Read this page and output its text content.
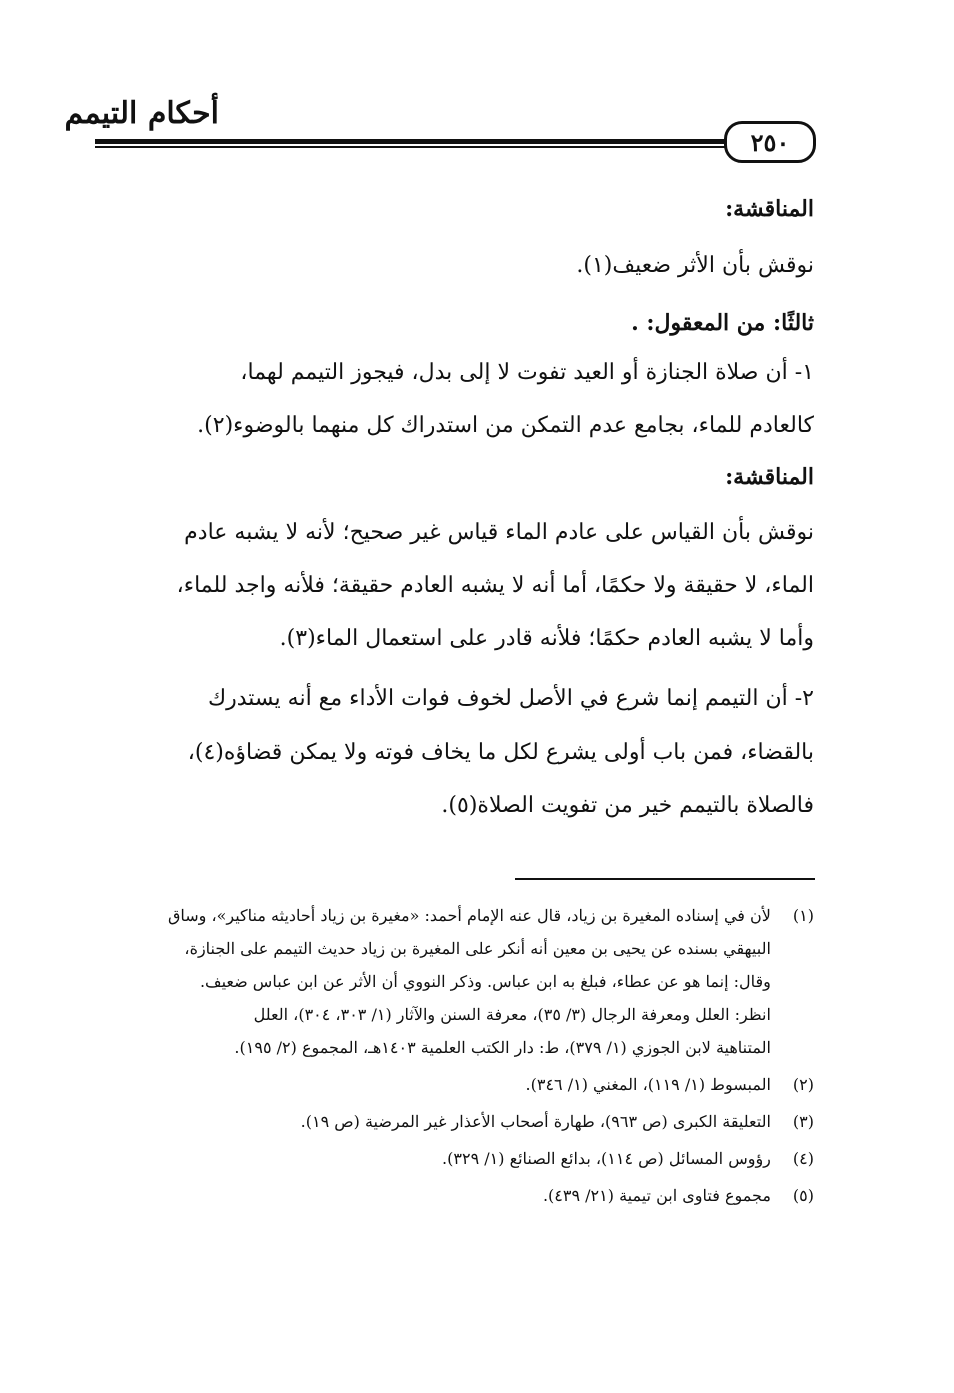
أحكام التيمم
٢٥٠
المناقشة:
نوقش بأن الأثر ضعيف(١).
ثالثًا: من المعقول: .
١- أن صلاة الجنازة أو العيد تفوت لا إلى بدل، فيجوز التيمم لهما،
كالعادم للماء، بجامع عدم التمكن من استدراك كل منهما بالوضوء(٢).
المناقشة:
نوقش بأن القياس على عادم الماء قياس غير صحيح؛ لأنه لا يشبه عادم
الماء، لا حقيقة ولا حكمًا، أما أنه لا يشبه العادم حقيقة؛ فلأنه واجد للماء،
وأما لا يشبه العادم حكمًا؛ فلأنه قادر على استعمال الماء(٣).
٢- أن التيمم إنما شرع في الأصل لخوف فوات الأداء مع أنه يستدرك
بالقضاء، فمن باب أولى يشرع لكل ما يخاف فوته ولا يمكن قضاؤه(٤)،
فالصلاة بالتيمم خير من تفويت الصلاة(٥).
(١) لأن في إسناده المغيرة بن زياد، قال عنه الإمام أحمد: «مغيرة بن زياد أحاديثه مناكير»، وساق
البيهقي بسنده عن يحيى بن معين أنه أنكر على المغيرة بن زياد حديث التيمم على الجنازة،
وقال: إنما هو عن عطاء، فبلغ به ابن عباس. وذكر النووي أن الأثر عن ابن عباس ضعيف.
انظر: العلل ومعرفة الرجال (٣/ ٣٥)، معرفة السنن والآثار (١/ ٣٠٣، ٣٠٤)، العلل
المتناهية لابن الجوزي (١/ ٣٧٩)، ط: دار الكتب العلمية ١٤٠٣هـ، المجموع (٢/ ١٩٥).
(٢) المبسوط (١/ ١١٩)، المغني (١/ ٣٤٦).
(٣) التعليقة الكبرى (ص ٩٦٣)، طهارة أصحاب الأعذار غير المرضية (ص ١٩).
(٤) رؤوس المسائل (ص ١١٤)، بدائع الصنائع (١/ ٣٢٩).
(٥) مجموع فتاوى ابن تيمية (٢١/ ٤٣٩).
